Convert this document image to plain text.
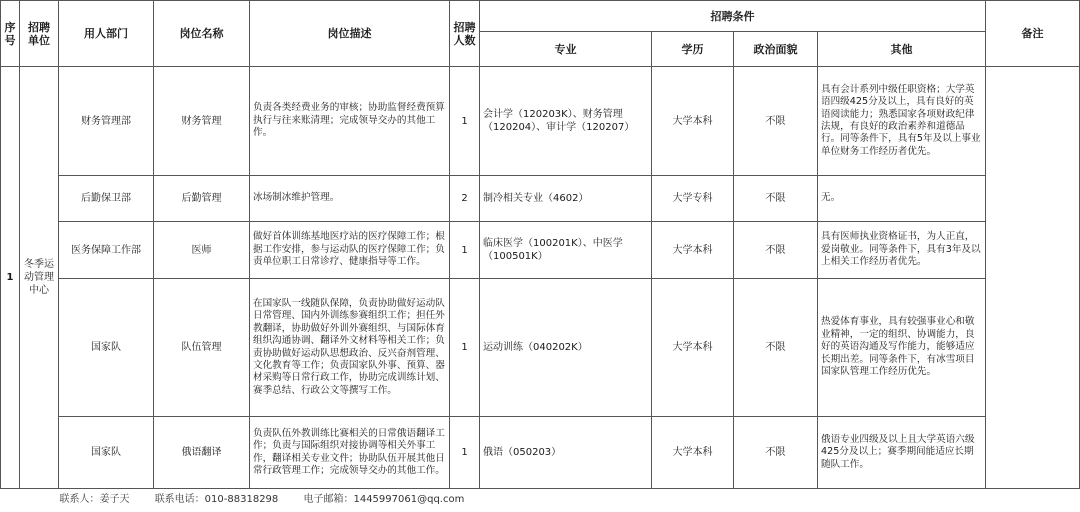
序号	招聘单位	用人部门	岗位名称	岗位描述	招聘人数	招聘条件				备注
						专业	学历	政治面貌	其他	
1	冬季运动管理中心	财务管理部	财务管理	负责各类经费业务的审核；协助监督经费预算执行与往来账清理；完成领导交办的其他工作。	1	会计学（120203K）、财务管理（120204）、审计学（120207）	大学本科	不限	具有会计系列中级任职资格；大学英语四级425分及以上，具有良好的英语阅读能力；熟悉国家各项财政纪律法规，有良好的政治素养和道德品行。同等条件下，具有5年及以上事业单位财务工作经历者优先。	
		后勤保卫部	后勤管理	冰场制冰维护管理。	2	制冷相关专业（4602）	大学专科	不限	无。	
		医务保障工作部	医师	做好首体训练基地医疗站的医疗保障工作；根据工作安排，参与运动队的医疗保障工作；负责单位职工日常诊疗、健康指导等工作。	1	临床医学（100201K）、中医学（100501K）	大学本科	不限	具有医师执业资格证书，为人正直，爱岗敬业。同等条件下，具有3年及以上相关工作经历者优先。	
		国家队	队伍管理	在国家队一线随队保障，负责协助做好运动队日常管理、国内外训练参赛组织工作；担任外教翻译，协助做好外训外赛组织、与国际体育组织沟通协调、翻译外文材料等相关工作；负责协助做好运动队思想政治、反兴奋剂管理、文化教育等工作；负责国家队外事、预算、器材采购等日常行政工作，协助完成训练计划、赛季总结、行政公文等撰写工作。	1	运动训练（040202K）	大学本科	不限	热爱体育事业，具有较强事业心和敬业精神，一定的组织、协调能力，良好的英语沟通及写作能力，能够适应长期出差。同等条件下，有冰雪项目国家队管理工作经历优先。	
		国家队	俄语翻译	负责队伍外教训练比赛相关的日常俄语翻译工作；负责与国际组织对接协调等相关外事工作，翻译相关专业文件；协助队伍开展其他日常行政管理工作；完成领导交办的其他工作。	1	俄语（050203）	大学本科	不限	俄语专业四级及以上且大学英语六级425分及以上；赛季期间能适应长期随队工作。	

联系人：姜子天 联系电话：010-88318298 电子邮箱：1445997061@qq.com										
